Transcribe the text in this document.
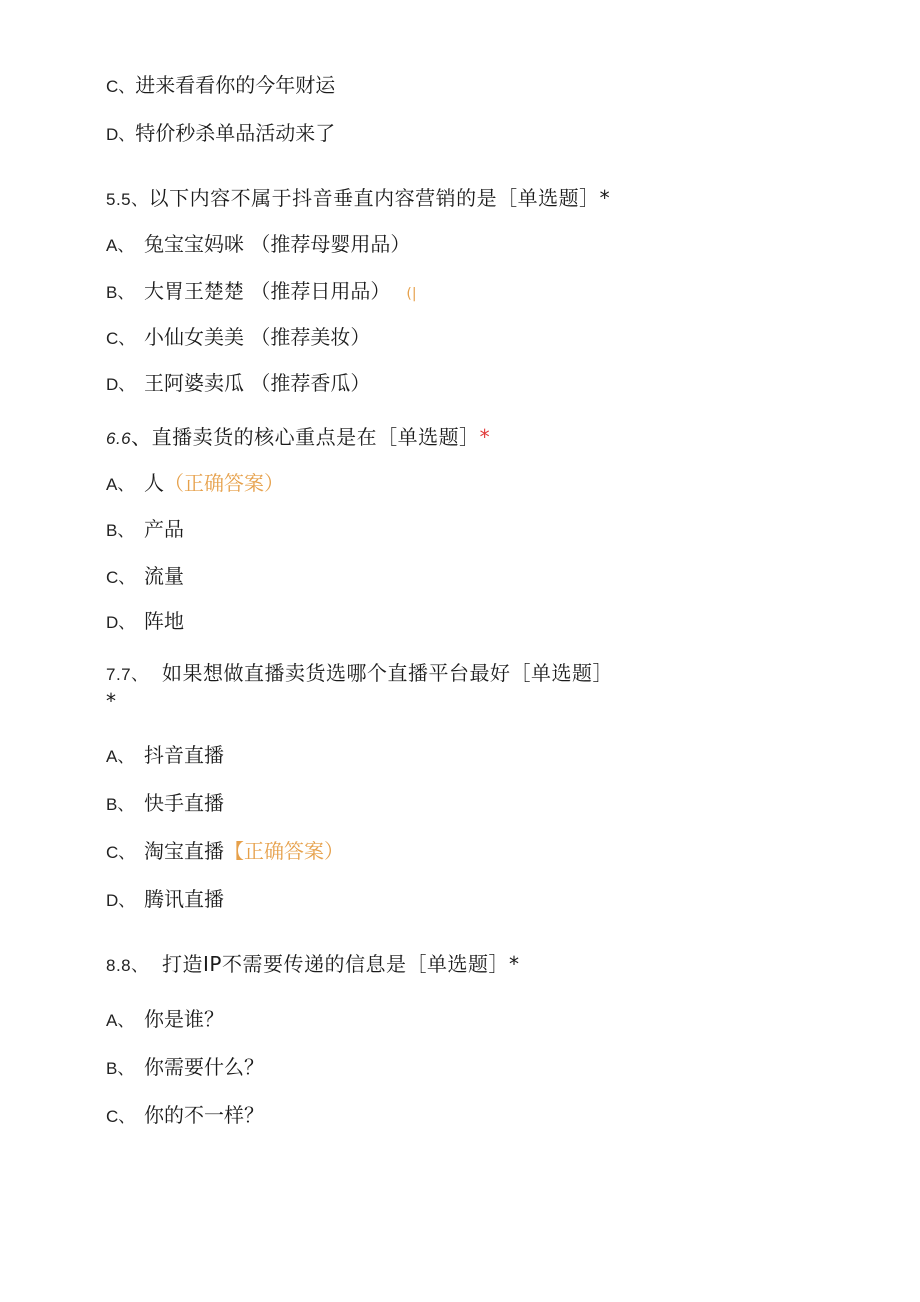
C、进来看看你的今年财运
D、特价秒杀单品活动来了
5.5、以下内容不属于抖音垂直内容营销的是［单选题］*
A、 兔宝宝妈咪 （推荐母婴用品）
B、 大胃王楚楚 （推荐日用品） (|
C、 小仙女美美 （推荐美妆）
D、 王阿婆卖瓜 （推荐香瓜）
6.6、直播卖货的核心重点是在［单选题］*
A、 人（正确答案）
B、 产品
C、 流量
D、 阵地
7.7、 如果想做直播卖货选哪个直播平台最好［单选题］
*
A、 抖音直播
B、 快手直播
C、 淘宝直播【正确答案）
D、 腾讯直播
8.8、 打造IP不需要传递的信息是［单选题］*
A、 你是谁？
B、 你需要什么？
C、 你的不一样？
